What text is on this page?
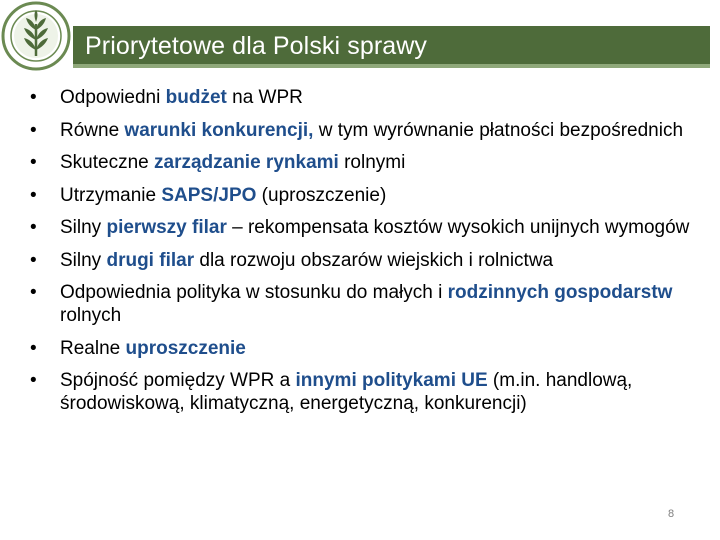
Priorytetowe dla Polski sprawy
• Odpowiedni budżet na WPR
• Równe warunki konkurencji, w tym wyrównanie płatności bezpośrednich
• Skuteczne zarządzanie rynkami rolnymi
• Utrzymanie SAPS/JPO (uproszczenie)
• Silny pierwszy filar – rekompensata kosztów wysokich unijnych wymogów
• Silny drugi filar dla rozwoju obszarów wiejskich i rolnictwa
• Odpowiednia polityka w stosunku do małych i rodzinnych gospodarstw rolnych
• Realne uproszczenie
• Spójność pomiędzy WPR a innymi politykami UE (m.in. handlową, środowiskową, klimatyczną, energetyczną, konkurencji)
8
